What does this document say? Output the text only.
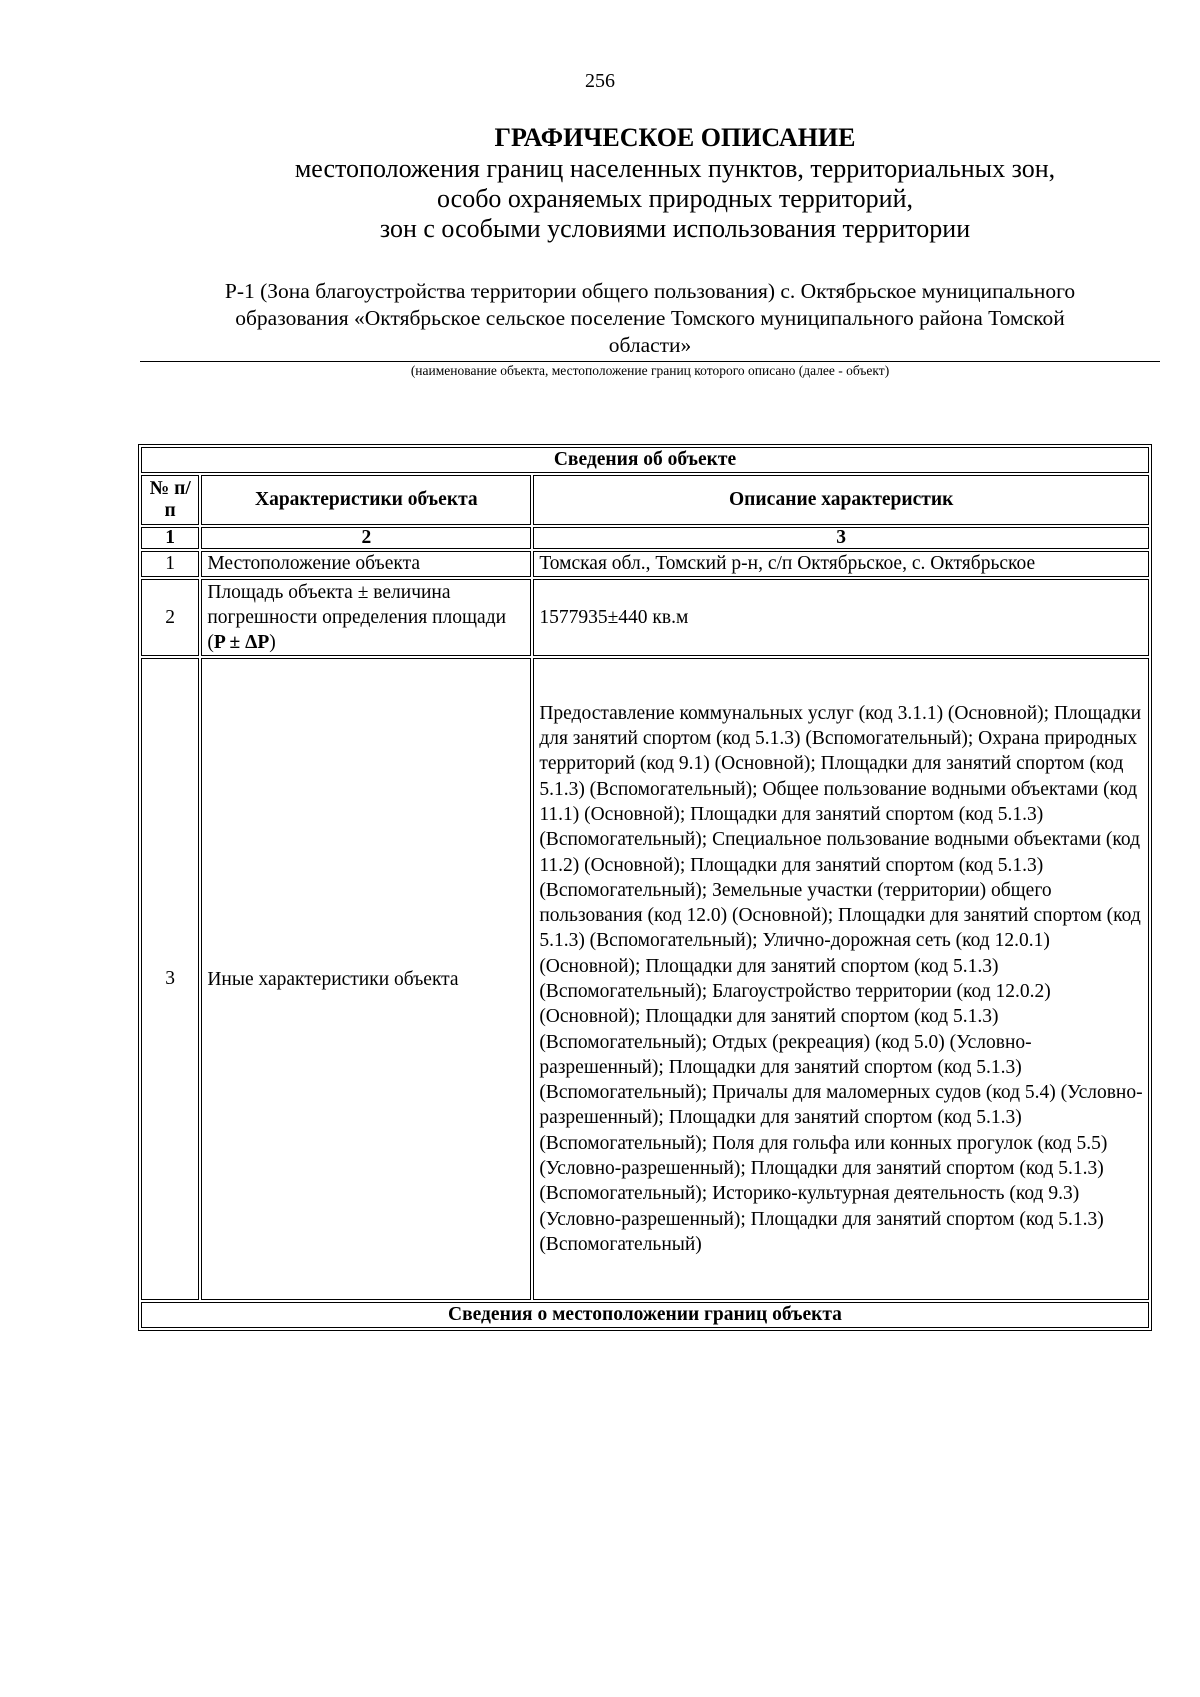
256
ГРАФИЧЕСКОЕ ОПИСАНИЕ
местоположения границ населенных пунктов, территориальных зон,
особо охраняемых природных территорий,
зон с особыми условиями использования территории
Р-1 (Зона благоустройства территории общего пользования) с. Октябрьское муниципального
образования «Октябрьское сельское поселение Томского муниципального района Томской
области»
(наименование объекта, местоположение границ которого описано (далее - объект)
Сведения об объекте		
№ п/п	Характеристики объекта	Описание характеристик
1	2	3
1	Местоположение объекта	Томская обл., Томский р-н, с/п Октябрьское, с. Октябрьское
2	Площадь объекта ± величина погрешности определения площади (P ± ΔP)	1577935±440 кв.м
3	Иные характеристики объекта	Предоставление коммунальных услуг (код 3.1.1) (Основной); Площадки для занятий спортом (код 5.1.3) (Вспомогательный); Охрана природных территорий (код 9.1) (Основной); Площадки для занятий спортом (код 5.1.3) (Вспомогательный); Общее пользование водными объектами (код 11.1) (Основной); Площадки для занятий спортом (код 5.1.3) (Вспомогательный); Специальное пользование водными объектами (код 11.2) (Основной); Площадки для занятий спортом (код 5.1.3) (Вспомогательный); Земельные участки (территории) общего пользования (код 12.0) (Основной); Площадки для занятий спортом (код 5.1.3) (Вспомогательный); Улично-дорожная сеть (код 12.0.1) (Основной); Площадки для занятий спортом (код 5.1.3) (Вспомогательный); Благоустройство территории (код 12.0.2) (Основной); Площадки для занятий спортом (код 5.1.3) (Вспомогательный); Отдых (рекреация) (код 5.0) (Условно-разрешенный); Площадки для занятий спортом (код 5.1.3) (Вспомогательный); Причалы для маломерных судов (код 5.4) (Условно-разрешенный); Площадки для занятий спортом (код 5.1.3) (Вспомогательный); Поля для гольфа или конных прогулок (код 5.5) (Условно-разрешенный); Площадки для занятий спортом (код 5.1.3) (Вспомогательный); Историко-культурная деятельность (код 9.3) (Условно-разрешенный); Площадки для занятий спортом (код 5.1.3) (Вспомогательный)
Сведения о местоположении границ объекта		
